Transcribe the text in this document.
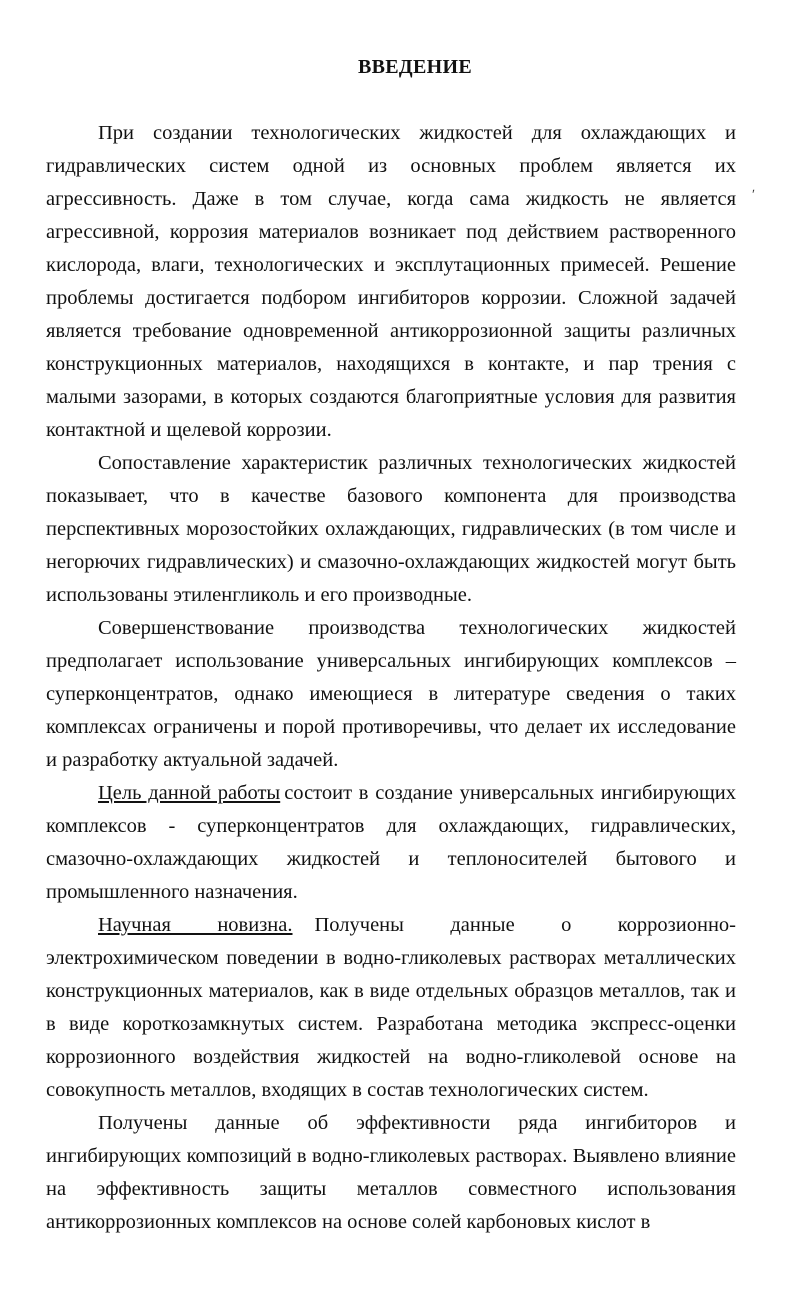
ВВЕДЕНИЕ
ʹ

При создании технологических жидкостей для охлаждающих и гидравлических систем одной из основных проблем является их агрессивность. Даже в том случае, когда сама жидкость не является агрессивной, коррозия материалов возникает под действием растворенного кислорода, влаги, технологических и эксплутационных примесей. Решение проблемы достигается подбором ингибиторов коррозии. Сложной задачей является требование одновременной антикоррозионной защиты различных конструкционных материалов, находящихся в контакте, и пар трения с малыми зазорами, в которых создаются благоприятные условия для развития контактной и щелевой коррозии.

Сопоставление характеристик различных технологических жидкостей показывает, что в качестве базового компонента для производства перспективных морозостойких охлаждающих, гидравлических (в том числе и негорючих гидравлических) и смазочно-охлаждающих жидкостей могут быть использованы этиленгликоль и его производные.

Совершенствование производства технологических жидкостей предполагает использование универсальных ингибирующих комплексов – суперконцентратов, однако имеющиеся в литературе сведения о таких комплексах ограничены и порой противоречивы, что делает их исследование и разработку актуальной задачей.

Цель данной работы состоит в создание универсальных ингибирующих комплексов - суперконцентратов для охлаждающих, гидравлических, смазочно-охлаждающих жидкостей и теплоносителей бытового и промышленного назначения.

Научная новизна. Получены данные о коррозионно-электрохимическом поведении в водно-гликолевых растворах металлических конструкционных материалов, как в виде отдельных образцов металлов, так и в виде короткозамкнутых систем. Разработана методика экспресс-оценки коррозионного воздействия жидкостей на водно-гликолевой основе на совокупность металлов, входящих в состав технологических систем.

Получены данные об эффективности ряда ингибиторов и ингибирующих композиций в водно-гликолевых растворах. Выявлено влияние на эффективность защиты металлов совместного использования антикоррозионных комплексов на основе солей карбоновых кислот в
